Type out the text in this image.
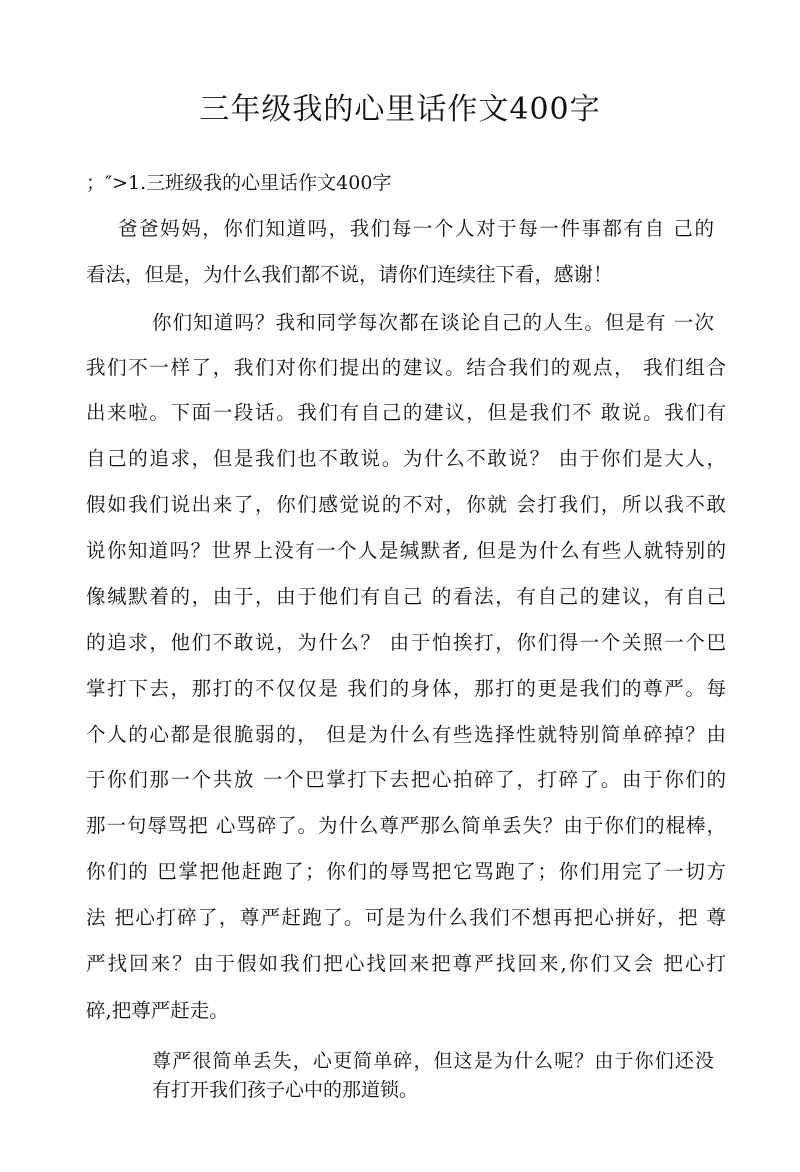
三年级我的心里话作文400字
；″>1.三班级我的心里话作文400字
爸爸妈妈，你们知道吗，我们每一个人对于每一件事都有自 己的
看法，但是，为什么我们都不说，请你们连续往下看，感谢！
你们知道吗？我和同学每次都在谈论自己的人生。但是有 一次
我们不一样了，我们对你们提出的建议。结合我们的观点， 我们组合
出来啦。下面一段话。我们有自己的建议，但是我们不 敢说。我们有
自己的追求，但是我们也不敢说。为什么不敢说？ 由于你们是大人，
假如我们说出来了，你们感觉说的不对，你就 会打我们，所以我不敢
说你知道吗？世界上没有一个人是缄默者, 但是为什么有些人就特别的
像缄默着的，由于，由于他们有自己 的看法，有自己的建议，有自己
的追求，他们不敢说，为什么？ 由于怕挨打，你们得一个关照一个巴
掌打下去，那打的不仅仅是 我们的身体，那打的更是我们的尊严。每
个人的心都是很脆弱的， 但是为什么有些选择性就特别简单碎掉？由
于你们那一个共放 一个巴掌打下去把心拍碎了，打碎了。由于你们的
那一句辱骂把 心骂碎了。为什么尊严那么简单丢失？由于你们的棍棒，
你们的 巴掌把他赶跑了；你们的辱骂把它骂跑了；你们用完了一切方
法 把心打碎了，尊严赶跑了。可是为什么我们不想再把心拼好，把 尊
严找回来？由于假如我们把心找回来把尊严找回来,你们又会 把心打
碎,把尊严赶走。
尊严很简单丢失，心更简单碎，但这是为什么呢？由于你们还没
有打开我们孩子心中的那道锁。
